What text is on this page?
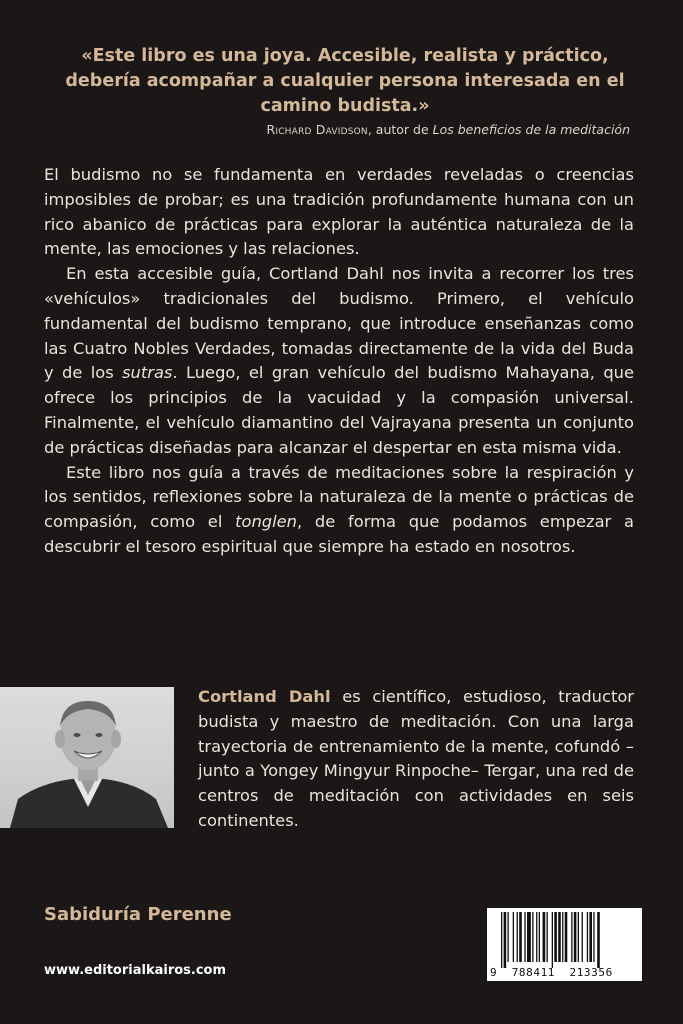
«Este libro es una joya. Accesible, realista y práctico, debería acompañar a cualquier persona interesada en el camino budista.»
Richard Davidson, autor de Los beneficios de la meditación

El budismo no se fundamenta en verdades reveladas o creencias imposibles de probar; es una tradición profundamente humana con un rico abanico de prácticas para explorar la auténtica naturaleza de la mente, las emociones y las relaciones.

En esta accesible guía, Cortland Dahl nos invita a recorrer los tres «vehículos» tradicionales del budismo. Primero, el vehículo fundamental del budismo temprano, que introduce enseñanzas como las Cuatro Nobles Verdades, tomadas directamente de la vida del Buda y de los sutras. Luego, el gran vehículo del budismo Mahayana, que ofrece los principios de la vacuidad y la compasión universal. Finalmente, el vehículo diamantino del Vajrayana presenta un conjunto de prácticas diseñadas para alcanzar el despertar en esta misma vida.

Este libro nos guía a través de meditaciones sobre la respiración y los sentidos, reflexiones sobre la naturaleza de la mente o prácticas de compasión, como el tonglen, de forma que podamos empezar a descubrir el tesoro espiritual que siempre ha estado en nosotros.

Cortland Dahl es científico, estudioso, traductor budista y maestro de meditación. Con una larga trayectoria de entrenamiento de la mente, cofundó –junto a Yongey Mingyur Rinpoche– Tergar, una red de centros de meditación con actividades en seis continentes.
Sabiduría Perenne
www.editorialkairos.com	9 788411 213356
